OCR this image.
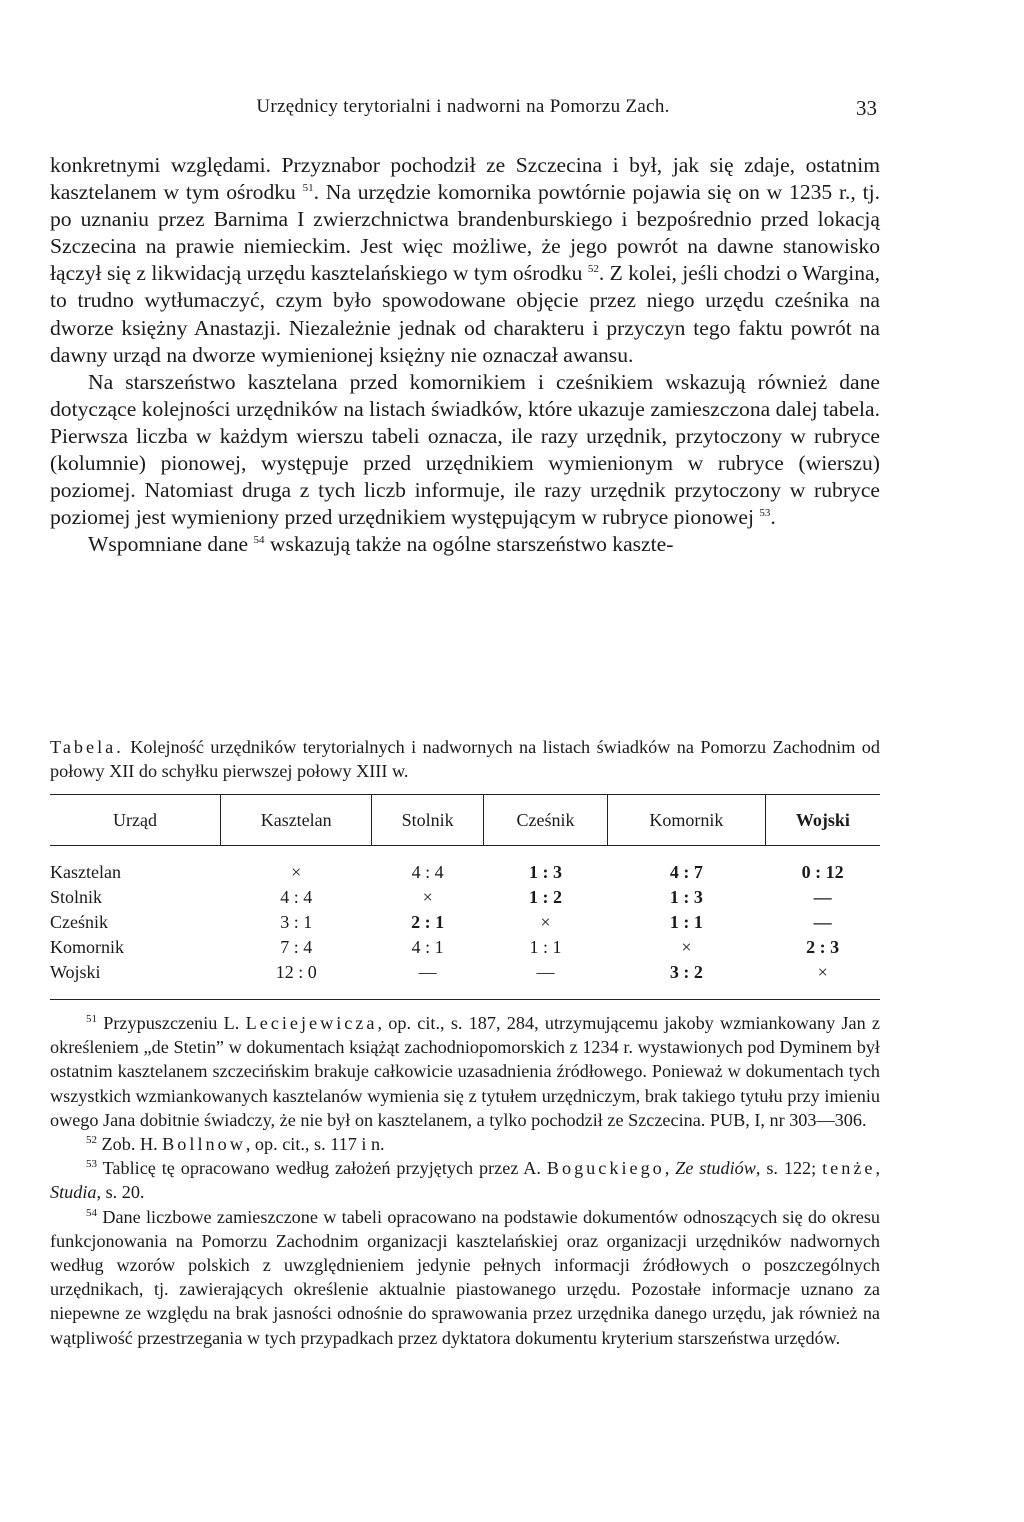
Urzędnicy terytorialni i nadworni na Pomorzu Zach.	33

konkretnymi względami. Przyznabor pochodził ze Szczecina i był, jak się zdaje, ostatnim kasztelanem w tym ośrodku $^{51}$. Na urzędzie komornika powtórnie pojawia się on w 1235 r., tj. po uznaniu przez Barnima I zwierzchnictwa brandenburskiego i bezpośrednio przed lokacją Szczecina na prawie niemieckim. Jest więc możliwe, że jego powrót na dawne stanowisko łączył się z likwidacją urzędu kasztelańskiego w tym ośrodku $^{52}$. Z kolei, jeśli chodzi o Wargina, to trudno wytłumaczyć, czym było spowodowane objęcie przez niego urzędu cześnika na dworze księżny Anastazji. Niezależnie jednak od charakteru i przyczyn tego faktu powrót na dawny urząd na dworze wymienionej księżny nie oznaczał awansu.

Na starszeństwo kasztelana przed komornikiem i cześnikiem wskazują również dane dotyczące kolejności urzędników na listach świadków, które ukazuje zamieszczona dalej tabela. Pierwsza liczba w każdym wierszu tabeli oznacza, ile razy urzędnik, przytoczony w rubryce (kolumnie) pionowej, występuje przed urzędnikiem wymienionym w rubryce (wierszu) poziomej. Natomiast druga z tych liczb informuje, ile razy urzędnik przytoczony w rubryce poziomej jest wymieniony przed urzędnikiem występującym w rubryce pionowej $^{53}$.

Wspomniane dane $^{54}$ wskazują także na ogólne starszeństwo kaszte-

Tabela. Kolejność urzędników terytorialnych i nadwornych na listach świadków na Pomorzu Zachodnim od połowy XII do schyłku pierwszej połowy XIII w.
Urząd	Kasztelan	Stolnik	Cześnik	Komornik	Wojski
Kasztelan	×	4 : 4	1 : 3	4 : 7	0 : 12
Stolnik	4 : 4	×	1 : 2	1 : 3	—
Cześnik	3 : 1	2 : 1	×	1 : 1	—
Komornik	7 : 4	4 : 1	1 : 1	×	2 : 3
Wojski	12 : 0	—	—	3 : 2	×

$^{51}$ Przypuszczeniu L. Leciejewicza, op. cit., s. 187, 284, utrzymującemu jakoby wzmiankowany Jan z określeniem „de Stetin” w dokumentach książąt zachodniopomorskich z 1234 r. wystawionych pod Dyminem był ostatnim kasztelanem szczecińskim brakuje całkowicie uzasadnienia źródłowego. Ponieważ w dokumentach tych wszystkich wzmiankowanych kasztelanów wymienia się z tytułem urzędniczym, brak takiego tytułu przy imieniu owego Jana dobitnie świadczy, że nie był on kasztelanem, a tylko pochodził ze Szczecina. PUB, I, nr 303—306.

$^{52}$ Zob. H. Bollnow, op. cit., s. 117 i n.

$^{53}$ Tablicę tę opracowano według założeń przyjętych przez A. Boguckiego, Ze studiów, s. 122; tenże, Studia, s. 20.

$^{54}$ Dane liczbowe zamieszczone w tabeli opracowano na podstawie dokumentów odnoszących się do okresu funkcjonowania na Pomorzu Zachodnim organizacji kasztelańskiej oraz organizacji urzędników nadwornych według wzorów polskich z uwzględnieniem jedynie pełnych informacji źródłowych o poszczególnych urzędnikach, tj. zawierających określenie aktualnie piastowanego urzędu. Pozostałe informacje uznano za niepewne ze względu na brak jasności odnośnie do sprawowania przez urzędnika danego urzędu, jak również na wątpliwość przestrzegania w tych przypadkach przez dyktatora dokumentu kryterium starszeństwa urzędów.
